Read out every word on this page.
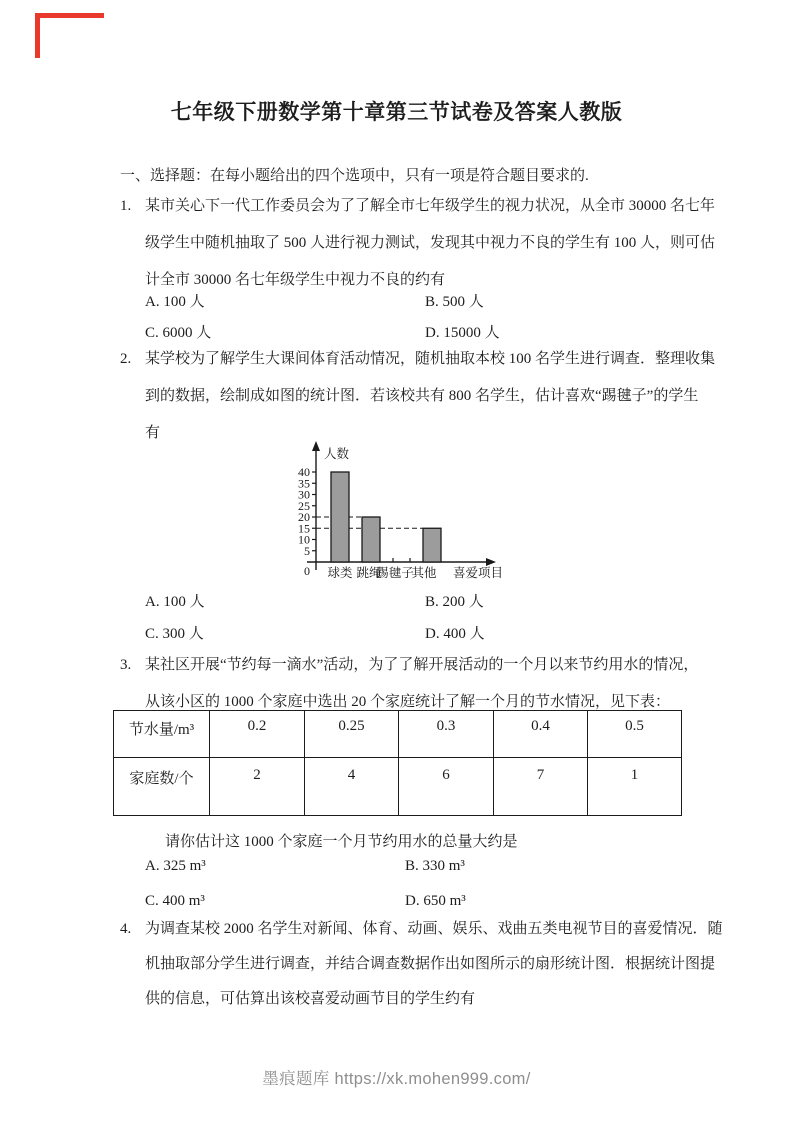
七年级下册数学第十章第三节试卷及答案人教版
一、选择题：在每小题给出的四个选项中，只有一项是符合题目要求的.
1. 某市关心下一代工作委员会为了了解全市七年级学生的视力状况，从全市 30000 名七年
级学生中随机抽取了 500 人进行视力测试，发现其中视力不良的学生有 100 人，则可估
计全市 30000 名七年级学生中视力不良的约有
A. 100 人	B. 500 人
C. 6000 人	D. 15000 人
2. 某学校为了解学生大课间体育活动情况，随机抽取本校 100 名学生进行调查．整理收集
到的数据，绘制成如图的统计图．若该校共有 800 名学生，估计喜欢“踢毽子”的学生
有
5
10
15
20
25
30
35
40
0 球类 跳绳
踢毽子
其他 喜爱项目
人数
A. 100 人	B. 200 人
C. 300 人	D. 400 人
3. 某社区开展“节约每一滴水”活动，为了了解开展活动的一个月以来节约用水的情况，
从该小区的 1000 个家庭中选出 20 个家庭统计了解一个月的节水情况，见下表：
节水量/m³	0.2	0.25	0.3	0.4	0.5
家庭数/个	2	4	6	7	1
请你估计这 1000 个家庭一个月节约用水的总量大约是
A. 325 m³	B. 330 m³
C. 400 m³	D. 650 m³
4. 为调查某校 2000 名学生对新闻、体育、动画、娱乐、戏曲五类电视节目的喜爱情况．随
机抽取部分学生进行调查，并结合调查数据作出如图所示的扇形统计图．根据统计图提
供的信息，可估算出该校喜爱动画节目的学生约有
墨痕题库 https://xk.mohen999.com/
